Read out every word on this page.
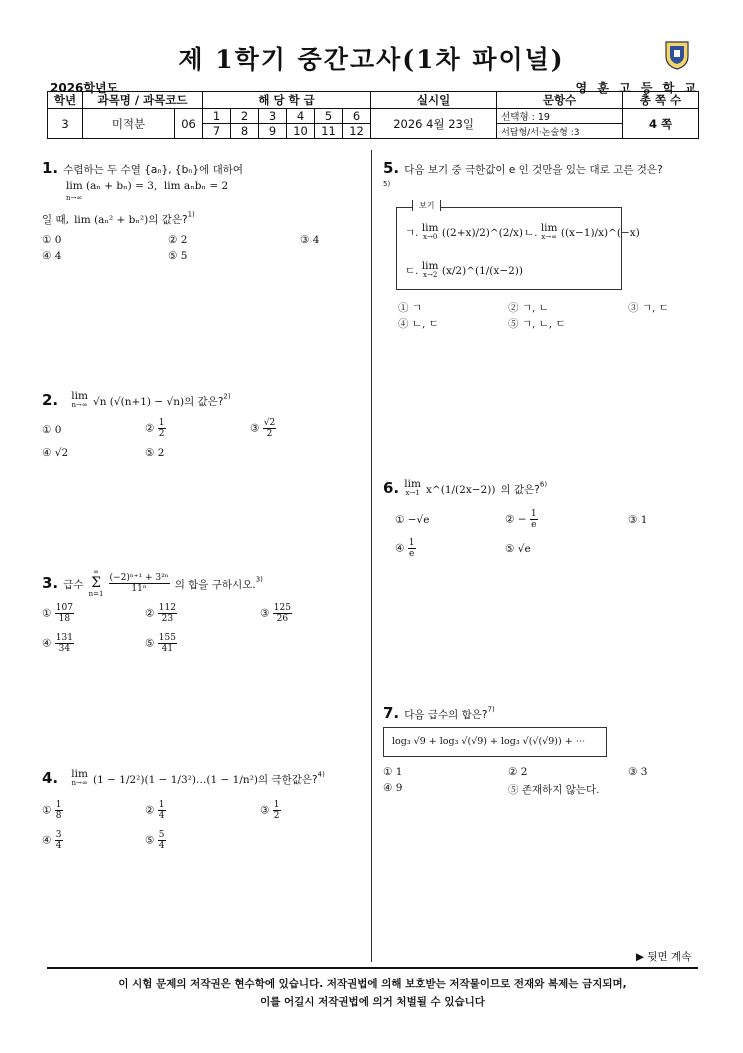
제 1학기 중간고사(1차 파이널)
2026학년도	영 훈 고 등 학 교
학년	과목명 / 과목코드		해 당 학 급						실시일	문항수	총 쪽 수
3	미적분	06	1	2	3	4	5	6	2026 4월 23일	선택형 : 19	4 쪽
			7	8	9	10	11	12		서답형/서·논술형 :3	
1. 수렴하는 두 수열 {aₙ}, {bₙ}에 대하여
lim (aₙ + bₙ) = 3, lim aₙbₙ = 2
n→∞
일 때, lim (aₙ² + bₙ²)의 값은?$^{1)}$
① 0	② 2	③ 4
④ 4	⑤ 5
2. lim
n→∞ √n (√(n+1) − √n)의 값은?$^{2)}$
① 0	② $\frac{1}{2}$	③ $\frac{√2}{2}$
④ √2	⑤ 2
3. 급수
∞
Σ
n=1
$\frac{\text{(−2)ⁿ⁺¹ + 3²ⁿ}}{\text{11ⁿ}}$ 의 합을 구하시오.$^{3)}$
① $\frac{107}{18}$	② $\frac{112}{23}$	③ $\frac{125}{26}$
④ $\frac{131}{34}$	⑤ $\frac{155}{41}$
4. lim
n→∞ (1 − 1/2²)(1 − 1/3²)…(1 − 1/n²)의 극한값은?$^{4)}$
① $\frac{1}{8}$	② $\frac{1}{4}$	③ $\frac{1}{2}$
④ $\frac{3}{4}$	⑤ $\frac{5}{4}$
5. 다음 보기 중 극한값이 e 인 것만을 있는 대로 고른 것은?
5)
보기
ㄱ. lim
x→0 ((2+x)/2)^(2/x) ㄴ. lim
x→∞ ((x−1)/x)^(−x)
ㄷ. lim
x→2 (x/2)^(1/(x−2))
① ㄱ	② ㄱ, ㄴ	③ ㄱ, ㄷ
④ ㄴ, ㄷ	⑤ ㄱ, ㄴ, ㄷ
6. lim
x→1 x^(1/(2x−2)) 의 값은?$^{6)}$
① −√e	② − $\frac{1}{e}$	③ 1
④ $\frac{1}{e}$	⑤ √e
7. 다음 급수의 합은?$^{7)}$
log₃ √9 + log₃ √(√9) + log₃ √(√(√9)) + ⋯
① 1	② 2	③ 3
④ 9	⑤ 존재하지 않는다.
▶ 뒷면 계속
이 시험 문제의 저작권은 현수학에 있습니다. 저작권법에 의해 보호받는 저작물이므로 전재와 복제는 금지되며,
이를 어길시 저작권법에 의거 처벌될 수 있습니다
